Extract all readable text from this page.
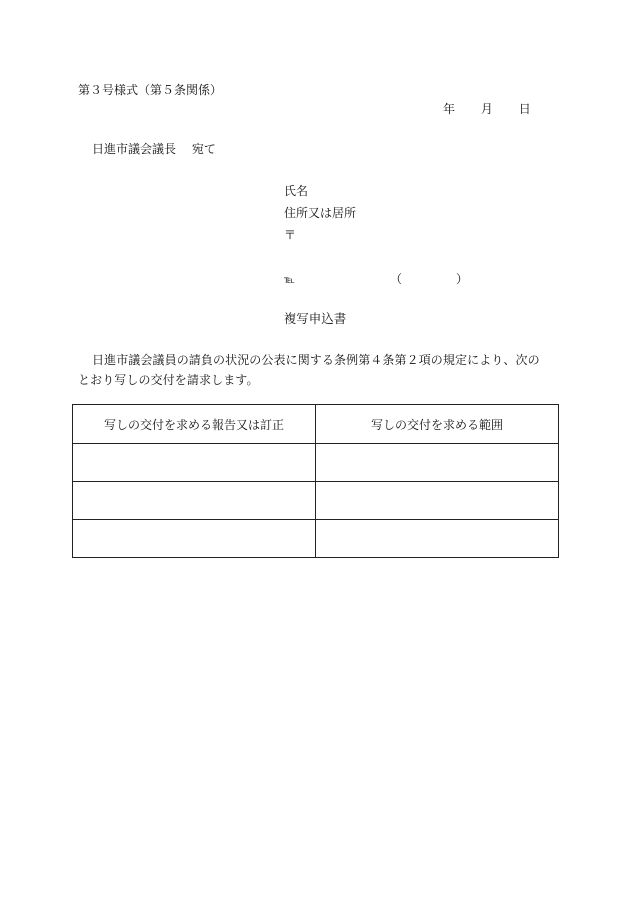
第３号様式（第５条関係）
年 月 日
日進市議会議長 宛て
氏名
住所又は居所
〒
℡	（	）
複写申込書
日進市議会議員の請負の状況の公表に関する条例第４条第２項の規定により、次のとおり写しの交付を請求します。
写しの交付を求める報告又は訂正	写しの交付を求める範囲
